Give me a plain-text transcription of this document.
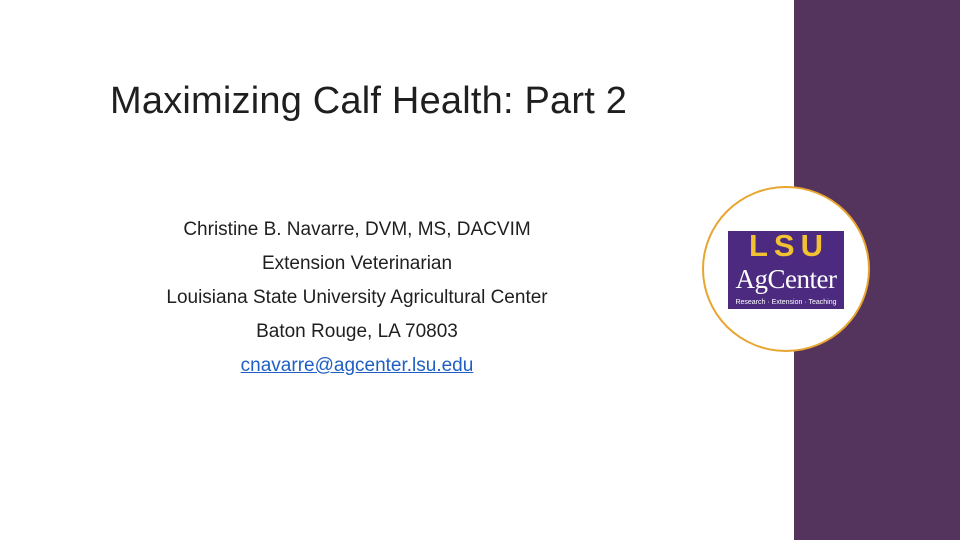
Maximizing Calf Health: Part 2
Christine B. Navarre, DVM, MS, DACVIM
Extension Veterinarian
Louisiana State University Agricultural Center
Baton Rouge, LA 70803
cnavarre@agcenter.lsu.edu
LSU
AgCenter
Research · Extension · Teaching
